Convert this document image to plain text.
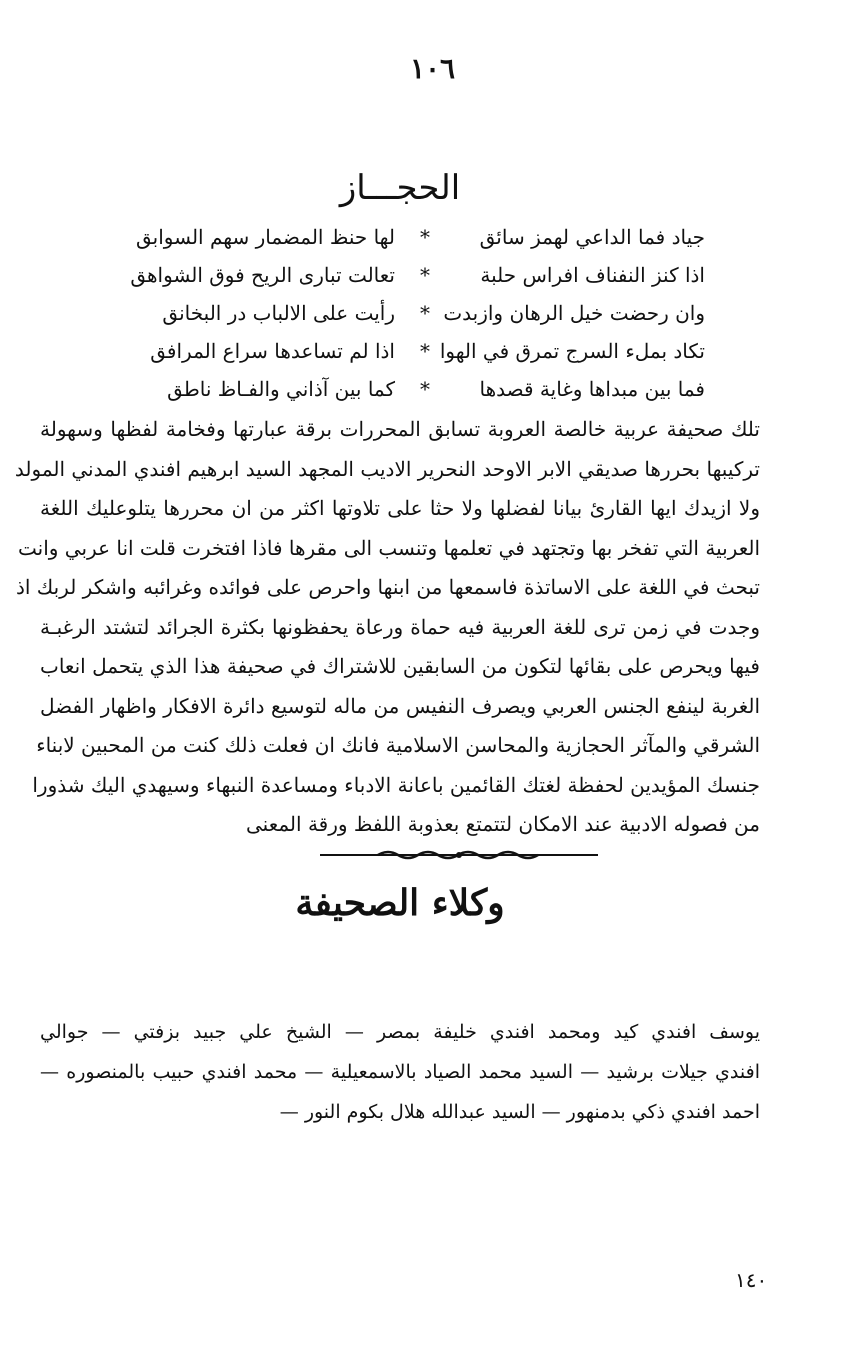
١٠٦
الحجـــاز
جياد فما الداعي لهمز سائق
*
لها حنظ المضمار سهم السوابق
اذا كنز النفناف افراس حلبة
*
تعالت تبارى الريح فوق الشواهق
وان رحضت خيل الرهان وازبدت
*
رأيت على الالباب در البخانق
تكاد بملء السرج تمرق في الهوا
*
اذا لم تساعدها سراع المرافق
فما بين مبداها وغاية قصدها
*
كما بين آذاني والفـاظ ناطق
تلك صحيفة عربية خالصة العروبة تسابق المحررات برقة عبارتها وفخامة لفظها وسهولة
تركيبها بحررها صديقي الابر الاوحد النحرير الاديب المجهد السيد ابرهيم افندي المدني المولد
ولا ازيدك ايها القارئ بيانا لفضلها ولا حثا على تلاوتها اكثر من ان محررها يتلوعليك اللغة
العربية التي تفخر بها وتجتهد في تعلمها وتنسب الى مقرها فاذا افتخرت قلت انا عربي وانت
تبحث في اللغة على الاساتذة فاسمعها من ابنها واحرص على فوائده وغرائبه واشكر لربك اذ
وجدت في زمن ترى للغة العربية فيه حماة ورعاة يحفظونها بكثرة الجرائد لتشتد الرغبـة
فيها ويحرص على بقائها لتكون من السابقين للاشتراك في صحيفة هذا الذي يتحمل انعاب
الغربة لينفع الجنس العربي ويصرف النفيس من ماله لتوسيع دائرة الافكار واظهار الفضل
الشرقي والمآثر الحجازية والمحاسن الاسلامية فانك ان فعلت ذلك كنت من المحبين لابناء
جنسك المؤيدين لحفظة لغتك القائمين باعانة الادباء ومساعدة النبهاء وسيهدي اليك شذورا
من فصوله الادبية عند الامكان لتتمتع بعذوبة اللفظ ورقة المعنى
وكلاء الصحيفة
يوسف افندي كيد ومحمد افندي خليفة بمصر — الشيخ علي جبيد بزفتي — جوالي
افندي جيلات برشيد — السيد محمد الصياد بالاسمعيلية — محمد افندي حبيب بالمنصوره —
احمد افندي ذكي بدمنهور — السيد عبدالله هلال بكوم النور —
١٤٠
